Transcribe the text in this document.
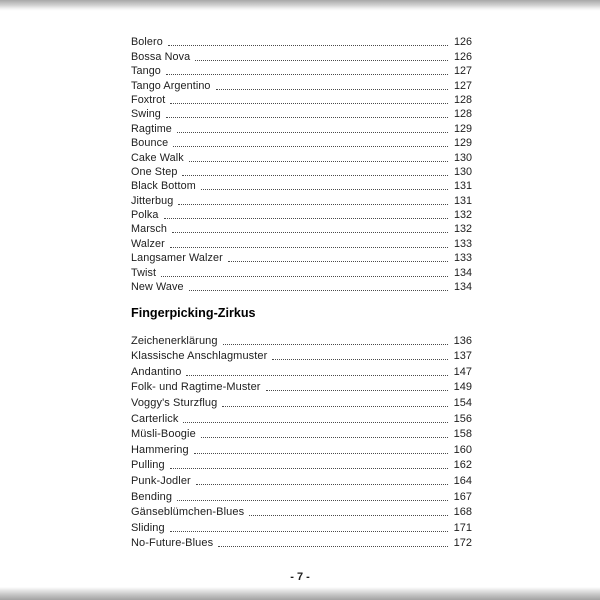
Bolero	126
Bossa Nova	126
Tango	127
Tango Argentino	127
Foxtrot	128
Swing	128
Ragtime	129
Bounce	129
Cake Walk	130
One Step	130
Black Bottom	131
Jitterbug	131
Polka	132
Marsch	132
Walzer	133
Langsamer Walzer	133
Twist	134
New Wave	134
Fingerpicking-Zirkus
Zeichenerklärung	136
Klassische Anschlagmuster	137
Andantino	147
Folk- und Ragtime-Muster	149
Voggy's Sturzflug	154
Carterlick	156
Müsli-Boogie	158
Hammering	160
Pulling	162
Punk-Jodler	164
Bending	167
Gänseblümchen-Blues	168
Sliding	171
No-Future-Blues	172
- 7 -
